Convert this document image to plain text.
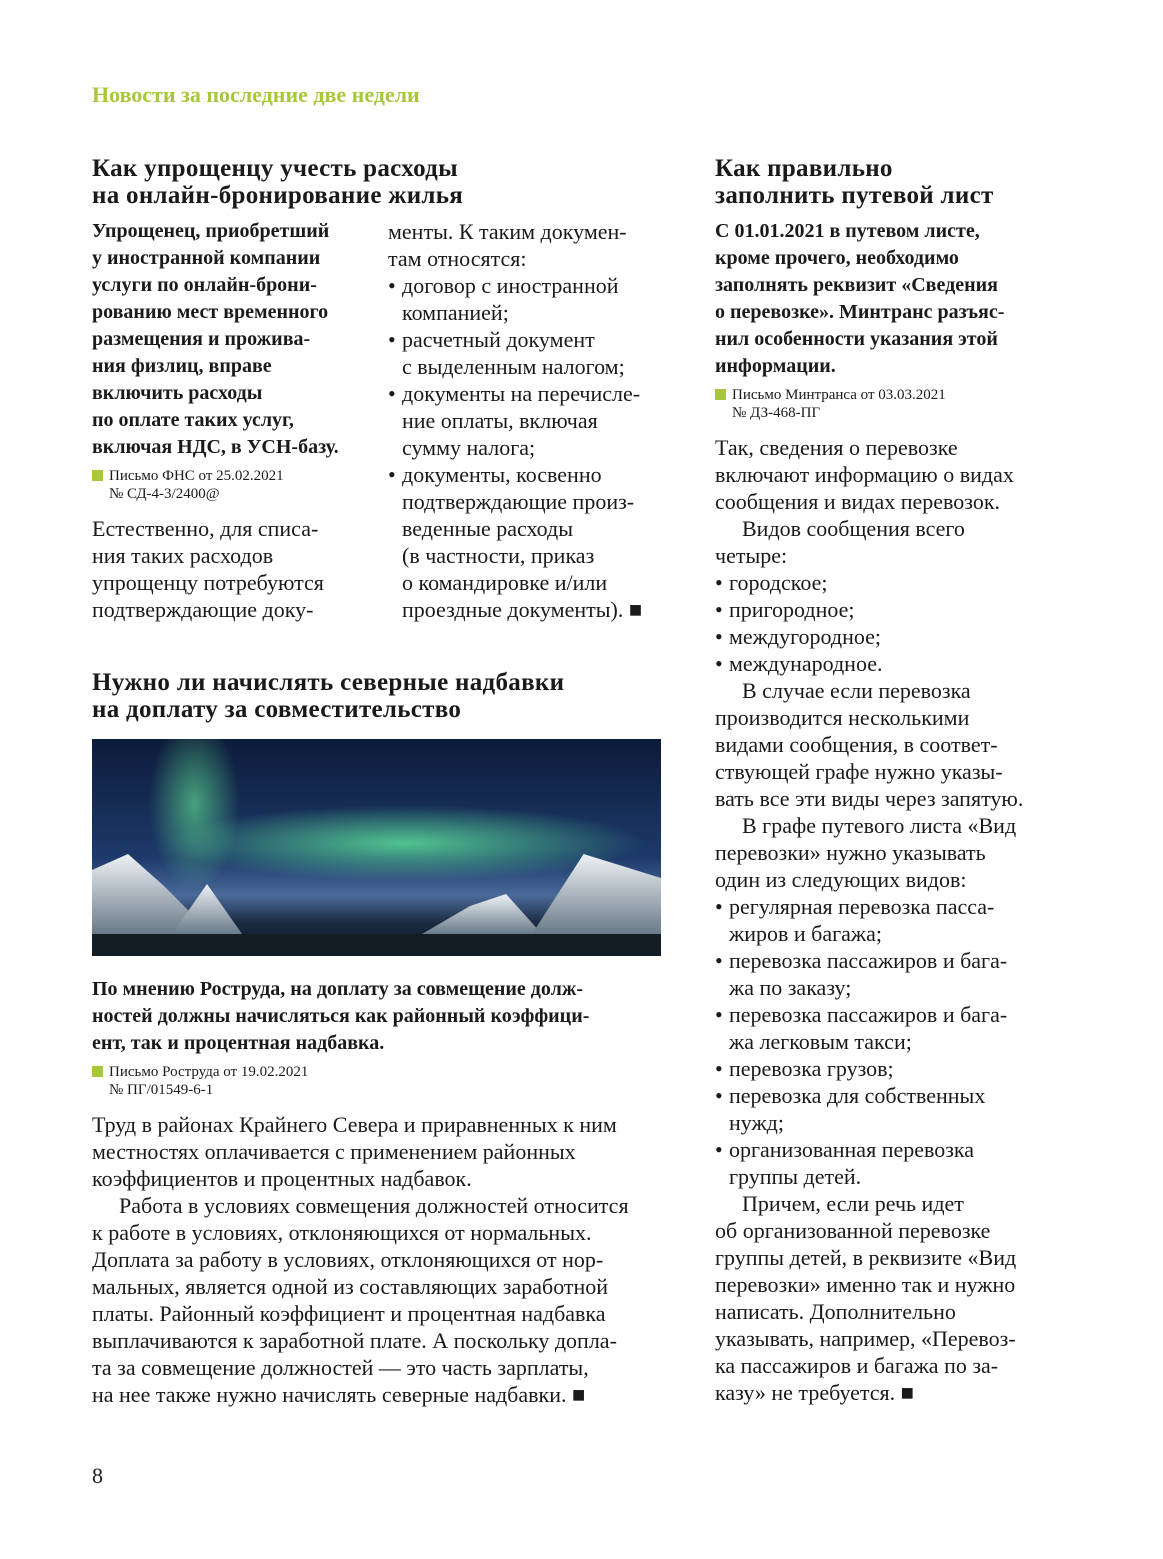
Новости за последние две недели
Как упрощенцу учесть расходы
на онлайн-бронирование жилья
Упрощенец, приобретший
у иностранной компании
услуги по онлайн-брони-
рованию мест временного
размещения и прожива-
ния физлиц, вправе
включить расходы
по оплате таких услуг,
включая НДС, в УСН-базу.
Письмо ФНС от 25.02.2021
№ СД-4-3/2400@
Естественно, для списа-
ния таких расходов
упрощенцу потребуются
подтверждающие доку-
менты. К таким докумен-
там относятся:
• договор с иностранной
компанией;
• расчетный документ
с выделенным налогом;
• документы на перечисле-
ние оплаты, включая
сумму налога;
• документы, косвенно
подтверждающие произ-
веденные расходы
(в частности, приказ
о командировке и/или
проездные документы). ■
Нужно ли начислять северные надбавки
на доплату за совместительство
По мнению Роструда, на доплату за совмещение долж-
ностей должны начисляться как районный коэффици-
ент, так и процентная надбавка.
Письмо Роструда от 19.02.2021
№ ПГ/01549-6-1
Труд в районах Крайнего Севера и приравненных к ним
местностях оплачивается с применением районных
коэффициентов и процентных надбавок.
Работа в условиях совмещения должностей относится
к работе в условиях, отклоняющихся от нормальных.
Доплата за работу в условиях, отклоняющихся от нор-
мальных, является одной из составляющих заработной
платы. Районный коэффициент и процентная надбавка
выплачиваются к заработной плате. А поскольку допла-
та за совмещение должностей — это часть зарплаты,
на нее также нужно начислять северные надбавки. ■
Как правильно
заполнить путевой лист
С 01.01.2021 в путевом листе,
кроме прочего, необходимо
заполнять реквизит «Сведения
о перевозке». Минтранс разъяс-
нил особенности указания этой
информации.
Письмо Минтранса от 03.03.2021
№ ДЗ-468-ПГ
Так, сведения о перевозке
включают информацию о видах
сообщения и видах перевозок.
Видов сообщения всего
четыре:
• городское;
• пригородное;
• междугородное;
• международное.
В случае если перевозка
производится несколькими
видами сообщения, в соответ-
ствующей графе нужно указы-
вать все эти виды через запятую.
В графе путевого листа «Вид
перевозки» нужно указывать
один из следующих видов:
• регулярная перевозка пасса-
жиров и багажа;
• перевозка пассажиров и бага-
жа по заказу;
• перевозка пассажиров и бага-
жа легковым такси;
• перевозка грузов;
• перевозка для собственных
нужд;
• организованная перевозка
группы детей.
Причем, если речь идет
об организованной перевозке
группы детей, в реквизите «Вид
перевозки» именно так и нужно
написать. Дополнительно
указывать, например, «Перевоз-
ка пассажиров и багажа по за-
казу» не требуется. ■
8
